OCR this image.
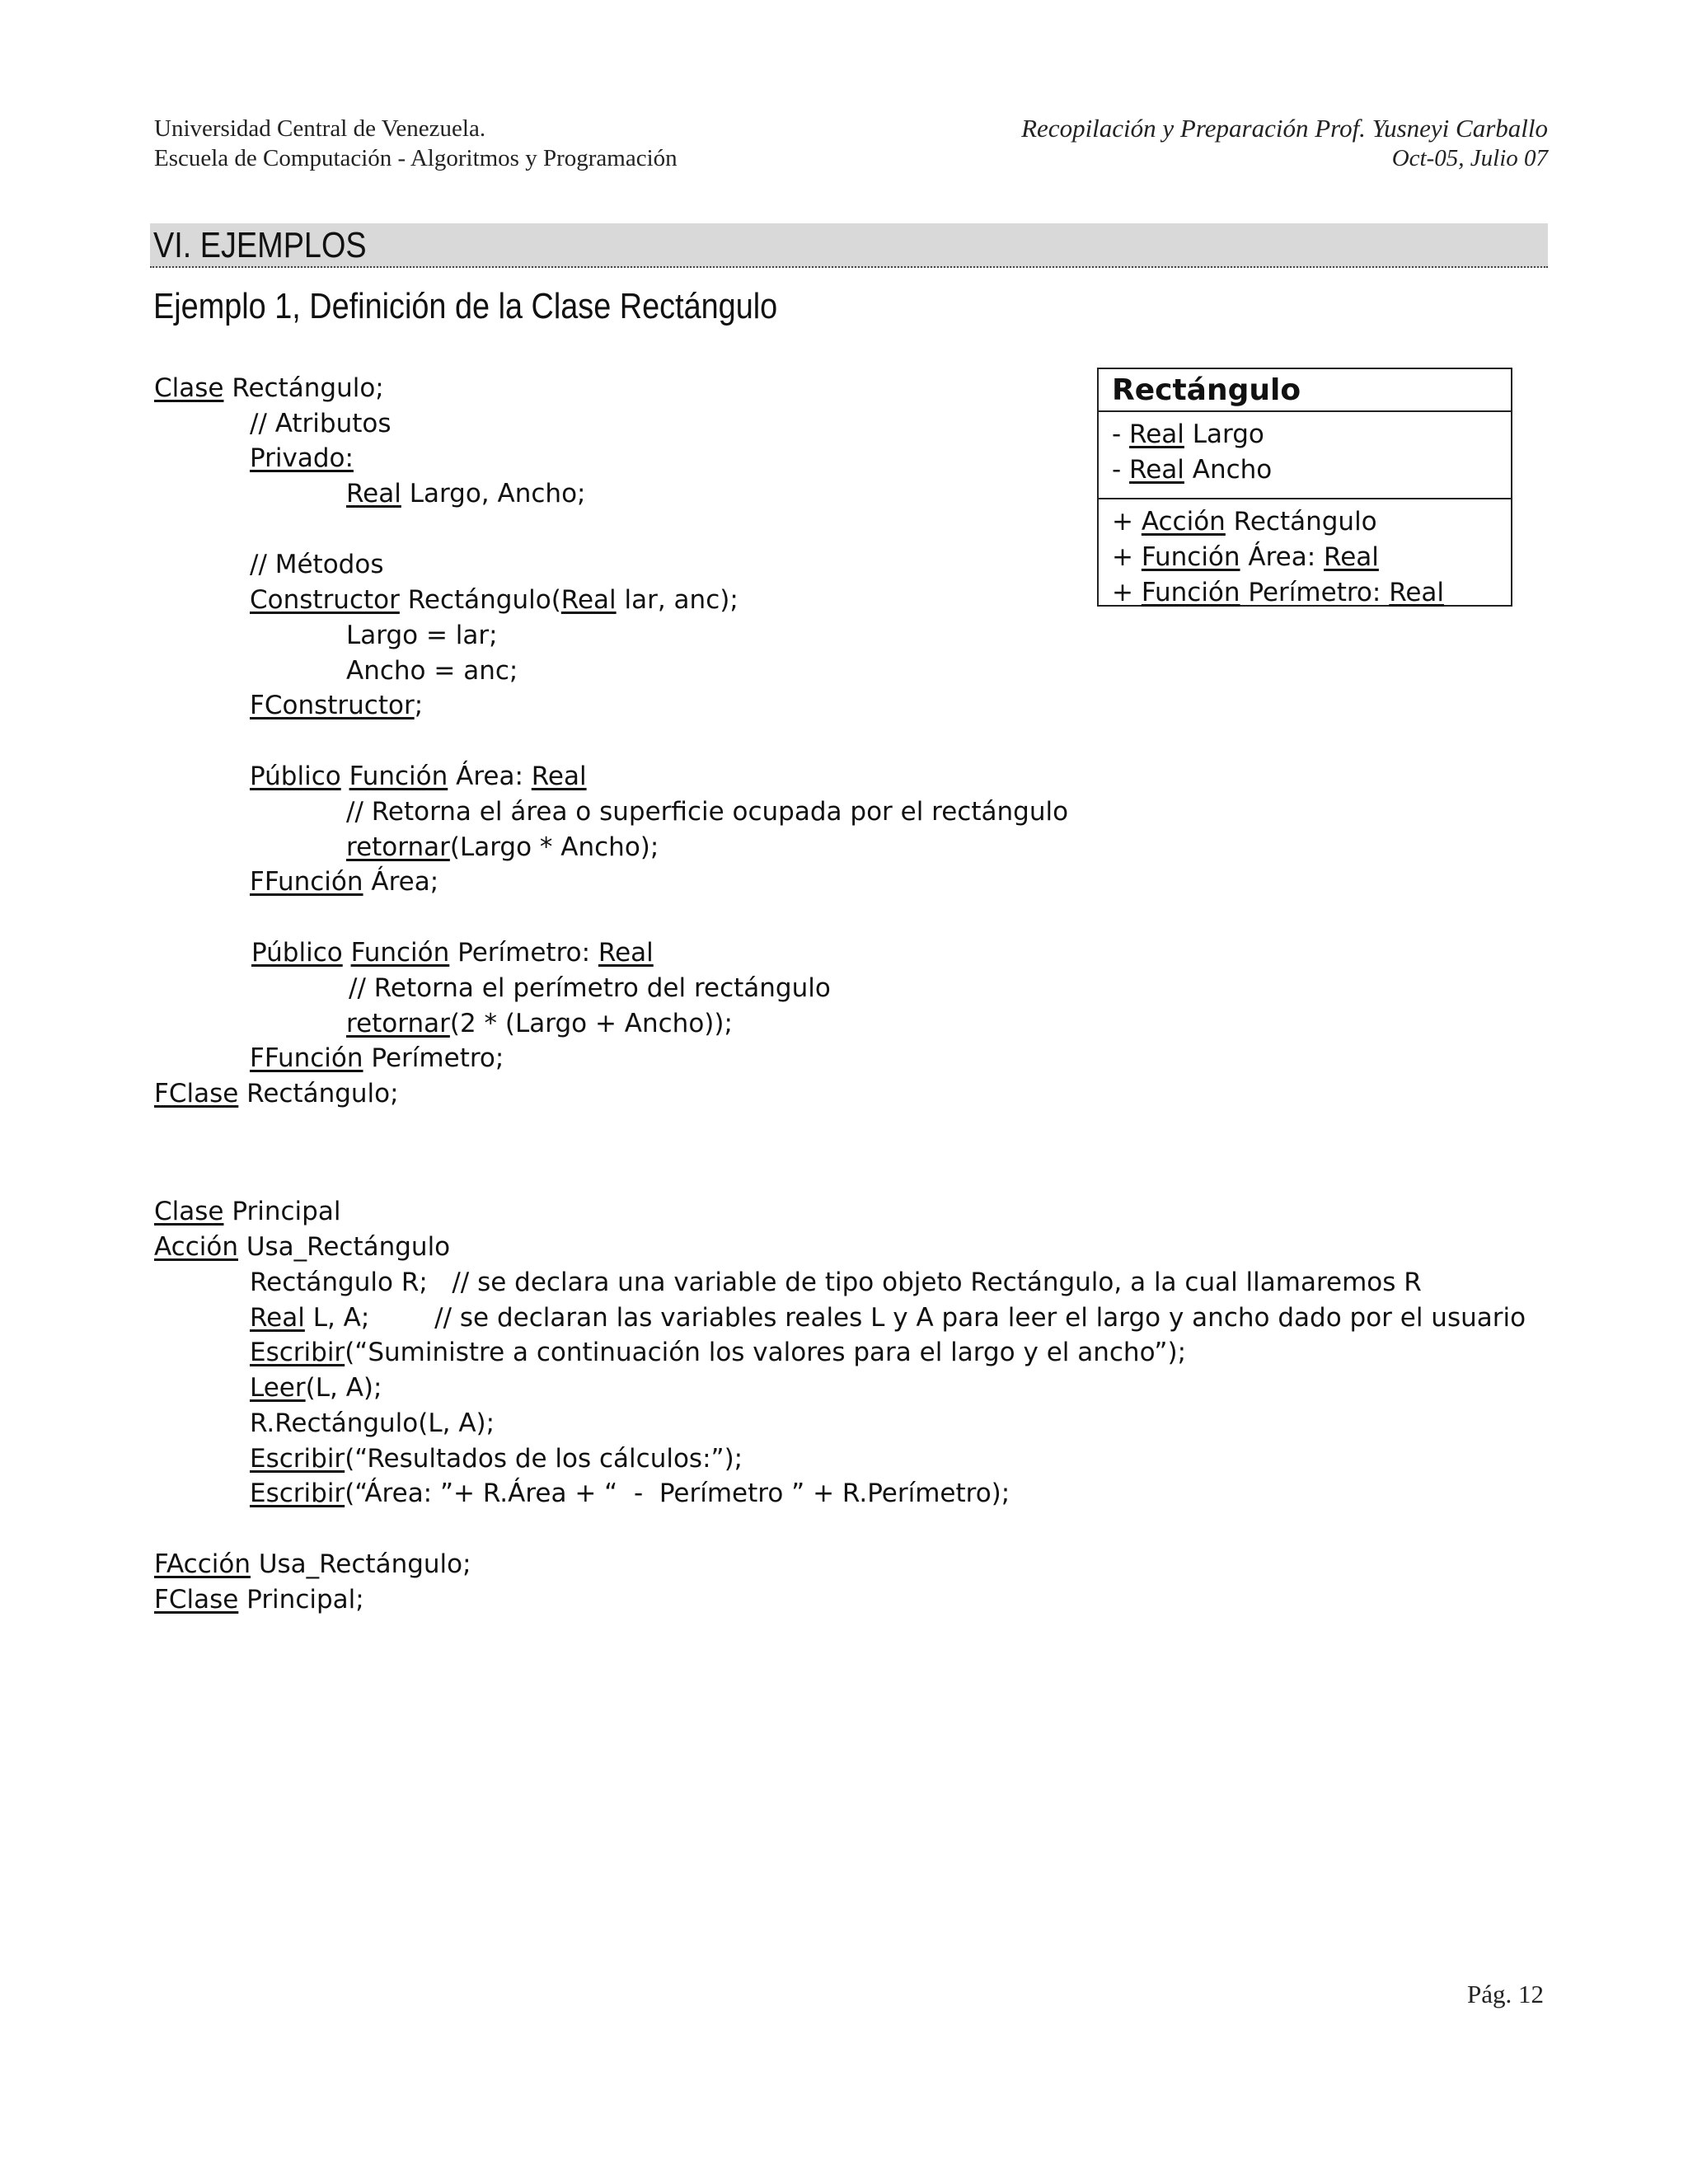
Universidad Central de Venezuela.
Escuela de Computación - Algoritmos y Programación
Recopilación y Preparación Prof. Yusneyi Carballo
Oct-05, Julio 07
VI. EJEMPLOS
Ejemplo 1, Definición de la Clase Rectángulo
Clase Rectángulo;
// Atributos
Privado:
Real Largo, Ancho;
// Métodos
Constructor Rectángulo(Real lar, anc);
Largo = lar;
Ancho = anc;
FConstructor;
Público Función Área: Real
// Retorna el área o superficie ocupada por el rectángulo
retornar(Largo * Ancho);
FFunción Área;
Público Función Perímetro: Real
// Retorna el perímetro del rectángulo
retornar(2 * (Largo + Ancho));
FFunción Perímetro;
FClase Rectángulo;
Clase Principal
Acción Usa_Rectángulo
Rectángulo R;   // se declara una variable de tipo objeto Rectángulo, a la cual llamaremos R
Real L, A;        // se declaran las variables reales L y A para leer el largo y ancho dado por el usuario
Escribir(“Suministre a continuación los valores para el largo y el ancho”);
Leer(L, A);
R.Rectángulo(L, A);
Escribir(“Resultados de los cálculos:”);
Escribir(“Área: ”+ R.Área + “  -  Perímetro ” + R.Perímetro);
FAcción Usa_Rectángulo;
FClase Principal;
Rectángulo
- Real Largo
- Real Ancho
+ Acción Rectángulo
+ Función Área: Real
+ Función Perímetro: Real
Pág. 12
